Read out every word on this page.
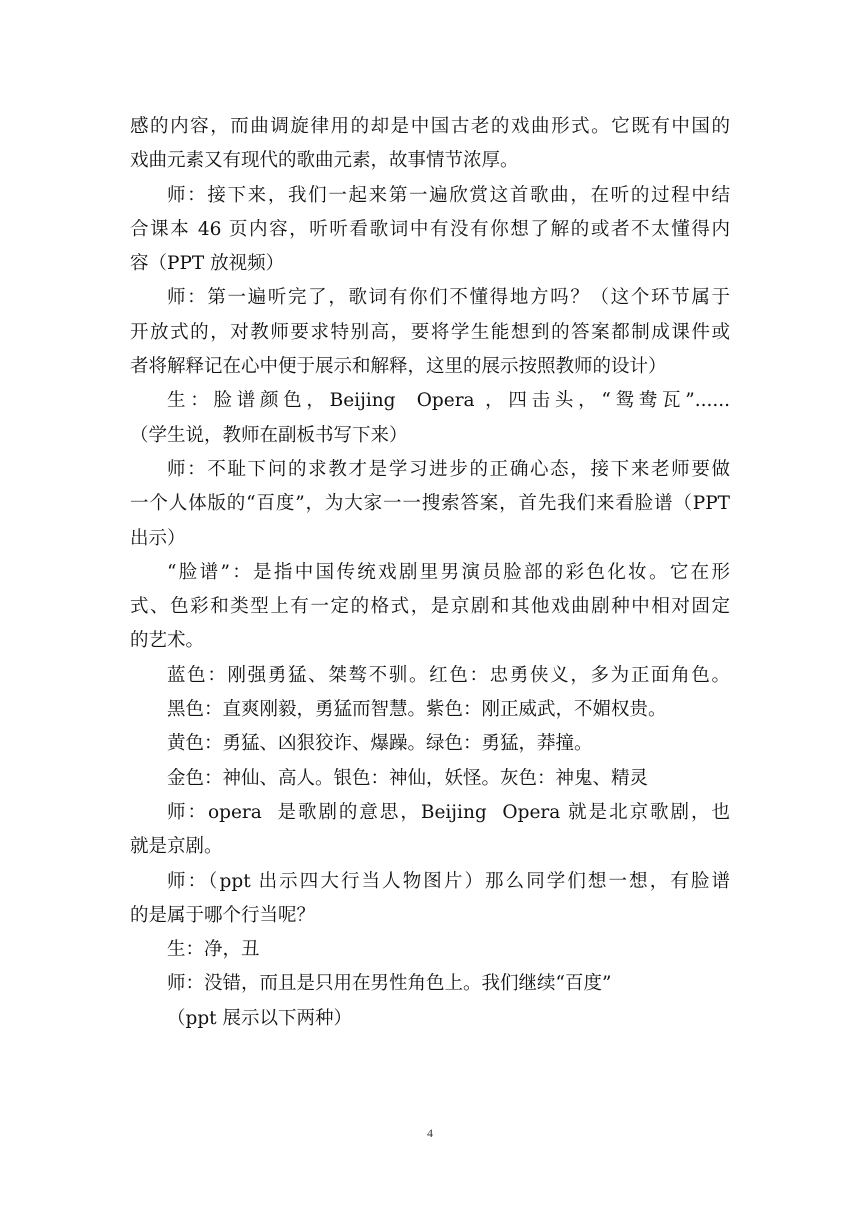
感的内容，而曲调旋律用的却是中国古老的戏曲形式。它既有中国的
戏曲元素又有现代的歌曲元素，故事情节浓厚。
师：接下来，我们一起来第一遍欣赏这首歌曲，在听的过程中结
合课本 46 页内容，听听看歌词中有没有你想了解的或者不太懂得内
容（PPT 放视频）
师：第一遍听完了，歌词有你们不懂得地方吗？（这个环节属于
开放式的，对教师要求特别高，要将学生能想到的答案都制成课件或
者将解释记在心中便于展示和解释，这里的展示按照教师的设计）
生：脸谱颜色，Beijing  Opera ，四击头，“鸳鸯瓦”......
（学生说，教师在副板书写下来）
师：不耻下问的求教才是学习进步的正确心态，接下来老师要做
一个人体版的“百度”，为大家一一搜索答案，首先我们来看脸谱（PPT
出示）
“脸谱”：是指中国传统戏剧里男演员脸部的彩色化妆。它在形
式、色彩和类型上有一定的格式，是京剧和其他戏曲剧种中相对固定
的艺术。
蓝色：刚强勇猛、桀骜不驯。红色：忠勇侠义，多为正面角色。
黑色：直爽刚毅，勇猛而智慧。紫色：刚正威武，不媚权贵。
黄色：勇猛、凶狠狡诈、爆躁。绿色：勇猛，莽撞。
金色：神仙、高人。银色：神仙，妖怪。灰色：神鬼、精灵
师：opera  是歌剧的意思，Beijing  Opera 就是北京歌剧，也
就是京剧。
师：（ppt 出示四大行当人物图片）那么同学们想一想，有脸谱
的是属于哪个行当呢？
生：净，丑
师：没错，而且是只用在男性角色上。我们继续“百度”
（ppt 展示以下两种）
4
